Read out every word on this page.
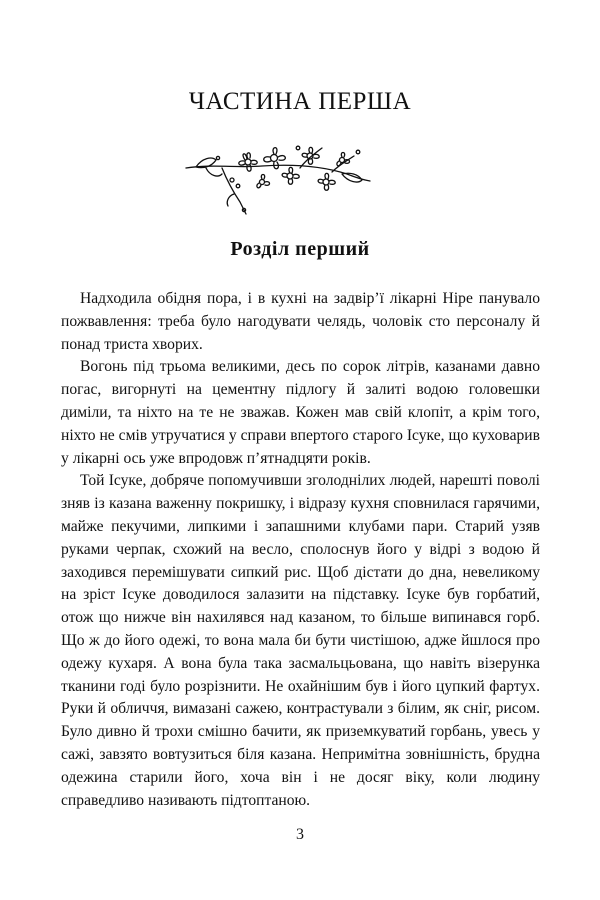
ЧАСТИНА ПЕРША
Розділ перший

Надходила обідня пора, і в кухні на задвір’ї лікарні Ніре панувало пожвавлення: треба було нагодувати челядь, чоловік сто персоналу й понад триста хворих.

Вогонь під трьома великими, десь по сорок літрів, казанами давно погас, вигорнуті на цементну підлогу й залиті водою головешки диміли, та ніхто на те не зважав. Кожен мав свій клопіт, а крім того, ніхто не смів утручатися у справи впертого старого Ісуке, що куховарив у лікарні ось уже впродовж п’ятнадцяти років.

Той Ісуке, добряче попомучивши зголоднілих людей, нарешті поволі зняв із казана важенну покришку, і відразу кухня сповнилася гарячими, майже пекучими, липкими і запашними клубами пари. Старий узяв руками черпак, схожий на весло, сполоснув його у відрі з водою й заходився перемішувати сипкий рис. Щоб дістати до дна, невеликому на зріст Ісуке доводилося залазити на підставку. Ісуке був горбатий, отож що нижче він нахилявся над казаном, то більше випинався горб. Що ж до його одежі, то вона мала би бути чистішою, адже йшлося про одежу кухаря. А вона була така засмальцьована, що навіть візерунка тканини годі було розрізнити. Не охайнішим був і його цупкий фартух. Руки й обличчя, вимазані сажею, контрастували з білим, як сніг, рисом. Було дивно й трохи смішно бачити, як приземкуватий горбань, увесь у сажі, завзято вовтузиться біля казана. Непримітна зовнішність, брудна одежина старили його, хоча він і не досяг віку, коли людину справедливо називають підтоптаною.

3
